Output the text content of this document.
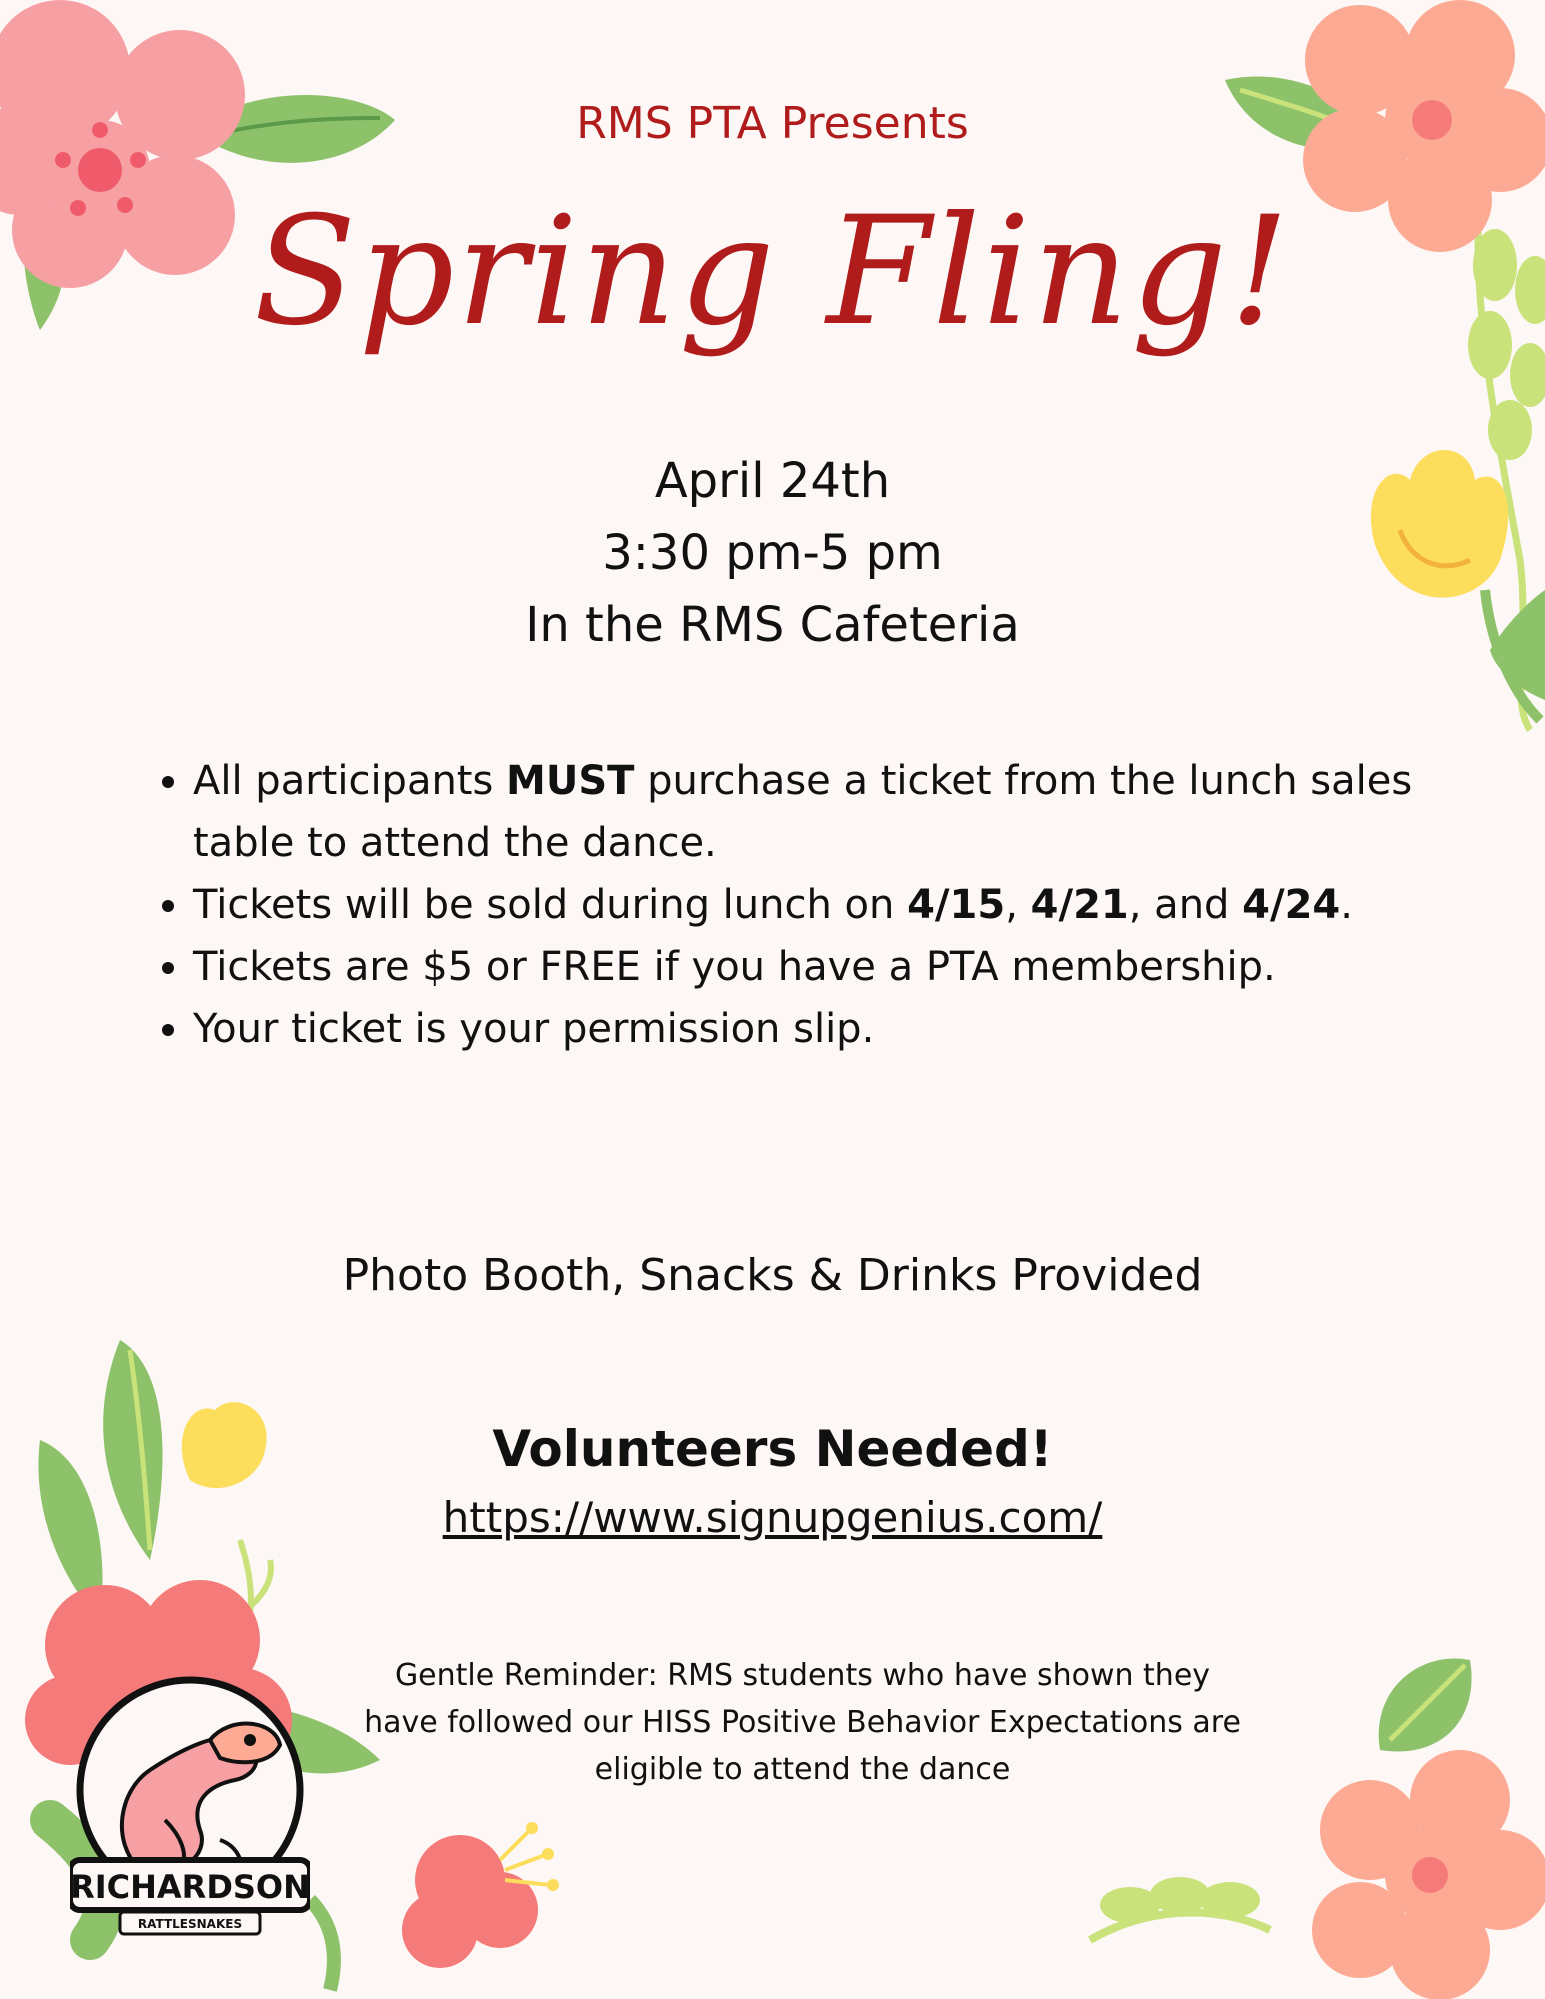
RMS PTA Presents
Spring Fling!
April 24th
3:30 pm-5 pm
In the RMS Cafeteria
• All participants MUST purchase a ticket from the lunch sales table to attend the dance.
• Tickets will be sold during lunch on 4/15, 4/21, and 4/24.
• Tickets are $5 or FREE if you have a PTA membership.
• Your ticket is your permission slip.
Photo Booth, Snacks & Drinks Provided
Volunteers Needed!
https://www.signupgenius.com/
Gentle Reminder: RMS students who have shown they
have followed our HISS Positive Behavior Expectations are
eligible to attend the dance
RICHARDSON
RATTLESNAKES
